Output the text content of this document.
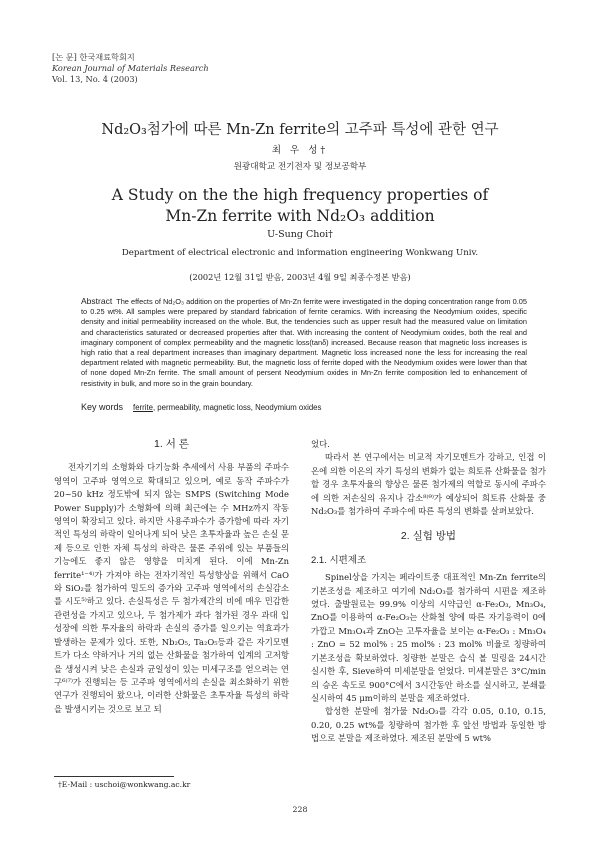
[논 문] 한국재료학회지
Korean Journal of Materials Research
Vol. 13, No. 4 (2003)
Nd₂O₃첨가에 따른 Mn-Zn ferrite의 고주파 특성에 관한 연구
최 우 성†
원광대학교 전기전자 및 정보공학부
A Study on the the high frequency properties of
Mn-Zn ferrite with Nd₂O₃ addition
U-Sung Choi†
Department of electrical electronic and information engineering Wonkwang Univ.
(2002년 12월 31일 받음, 2003년 4월 9일 최종수정본 받음)
Abstract The effects of Nd₂O₃ addition on the properties of Mn-Zn ferrite were investigated in the doping concentration range from 0.05 to 0.25 wt%. All samples were prepared by standard fabrication of ferrite ceramics. With increasing the Neodymium oxides, specific density and initial permeability increased on the whole. But, the tendencies such as upper result had the measured value on limitation and characteristics saturated or decreased properties after that. With increasing the content of Neodymium oxides, both the real and imaginary component of complex permeability and the magnetic loss(tanδ) increased. Because reason that magnetic loss increases is high ratio that a real department increases than imaginary department. Magnetic loss increased none the less for increasing the real department related with magnetic permeability. But, the magnetic loss of ferrite doped with the Neodymium oxides were lower than that of none doped Mn-Zn ferrite. The small amount of persent Neodymium oxides in Mn-Zn ferrite composition led to enhancement of resistivity in bulk, and more so in the grain boundary.
Key words ferrite, permeability, magnetic loss, Neodymium oxides
1. 서 론

전자기기의 소형화와 다기능화 추세에서 사용 부품의 주파수 영역이 고주파 영역으로 확대되고 있으며, 예로 동작 주파수가 20~50 kHz 정도밖에 되지 않는 SMPS (Switching Mode Power Supply)가 소형화에 의해 최근에는 수 MHz까지 작동영역이 확장되고 있다. 하지만 사용주파수가 증가함에 따라 자기적인 특성의 하락이 일어나게 되어 낮은 초투자율과 높은 손실 문제 등으로 인한 자체 특성의 하락은 물론 주위에 있는 부품들의 기능에도 좋지 않은 영향을 미치게 된다. 이에 Mn-Zn ferrite¹⁻⁴⁾가 가져야 하는 전자기적인 특성향상을 위해서 CaO와 SiO₂를 첨가하여 밀도의 증가와 고주파 영역에서의 손실감소를 시도⁵⁾하고 있다. 손실특성은 두 첨가제간의 비에 매우 민감한 관련성을 가지고 있으나, 두 첨가제가 과다 첨가된 경우 과대 입성장에 의한 투자율의 하락과 손실의 증가를 일으키는 역효과가 발생하는 문제가 있다. 또한, Nb₂O₅, Ta₂O₅등과 같은 자기모멘트가 다소 약하거나 거의 없는 산화물을 첨가하여 입계의 고저항을 생성시켜 낮은 손실과 균일성이 있는 미세구조를 얻으려는 연구⁶⁾⁷⁾가 진행되는 등 고주파 영역에서의 손실을 최소화하기 위한 연구가 진행되어 왔으나, 이러한 산화물은 초투자율 특성의 하락을 발생시키는 것으로 보고 되

었다.

따라서 본 연구에서는 비교적 자기모멘트가 강하고, 인접 이온에 의한 이온의 자기 특성의 변화가 없는 희토류 산화물을 첨가할 경우 초투자율의 향상은 물론 첨가제의 역할로 동시에 주파수에 의한 저손실의 유지나 감소⁸⁾⁹⁾가 예상되어 희토류 산화물 중 Nd₂O₃를 첨가하여 주파수에 따른 특성의 변화를 살펴보았다.

2. 실험 방법
2.1. 시편제조

Spinel상을 가지는 페라이트중 대표적인 Mn-Zn ferrite의 기본조성을 제조하고 여기에 Nd₂O₃를 첨가하여 시편을 제조하였다. 출발원료는 99.9% 이상의 시약급인 α-Fe₂O₃, Mn₃O₄, ZnO를 이용하여 α-Fe₂O₃는 산화철 양에 따른 자기응력이 0에 가깝고 Mn₃O₄과 ZnO는 고투자율을 보이는 α-Fe₂O₃ : Mn₃O₄ : ZnO = 52 mol% : 25 mol% : 23 mol% 비율로 칭량하여 기본조성을 확보하였다. 칭량한 분말은 습식 볼 밀링을 24시간 실시한 후, Sieve하여 미세분말을 얻었다. 미세분말은 3°C/min의 승온 속도로 900°C에서 3시간동안 하소를 실시하고, 분쇄를 실시하여 45 μm이하의 분말을 제조하였다.

합성한 분말에 첨가물 Nd₂O₃를 각각 0.05, 0.10, 0.15, 0.20, 0.25 wt%를 칭량하여 첨가한 후 앞선 방법과 동일한 방법으로 분말을 제조하였다. 제조된 분말에 5 wt%

†E-Mail : uschoi@wonkwang.ac.kr
228
